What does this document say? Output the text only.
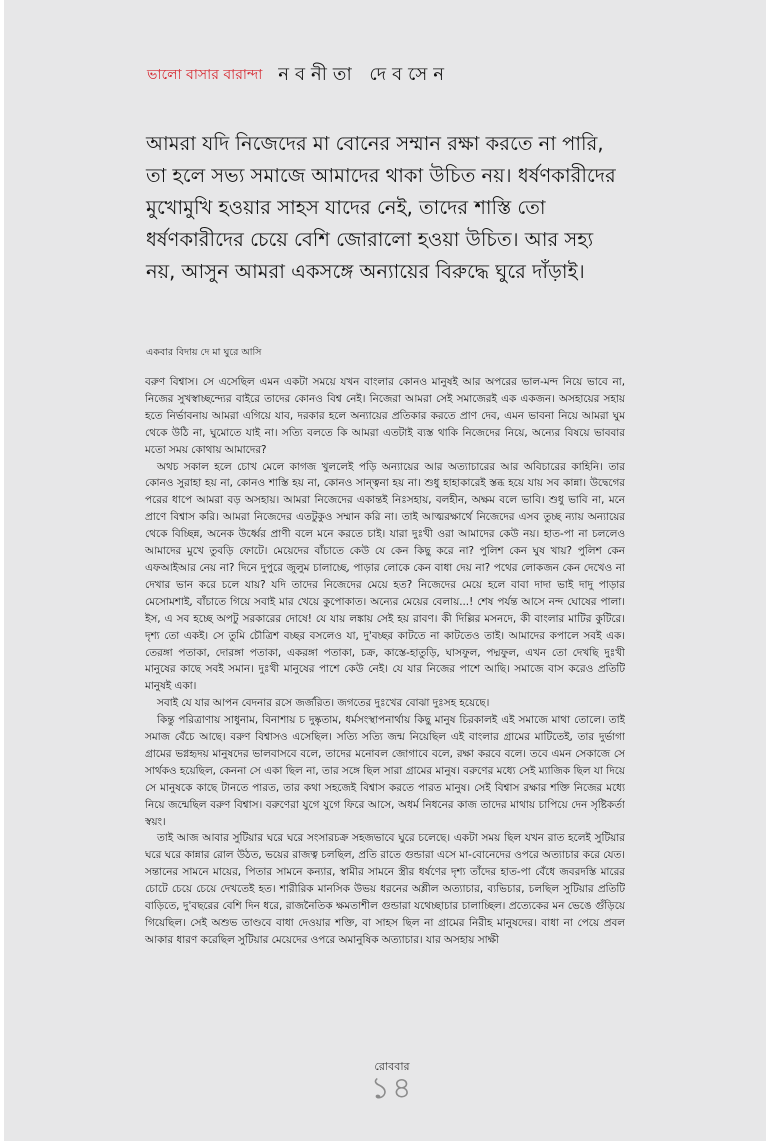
ভালো বাসার বারান্দা নবনীতা দেবসেন

আমরা যদি নিজেদের মা বোনের সম্মান রক্ষা করতে না পারি, তা হলে সভ্য সমাজে আমাদের থাকা উচিত নয়। ধর্ষণকারীদের মুখোমুখি হওয়ার সাহস যাদের নেই, তাদের শাস্তি তো ধর্ষণকারীদের চেয়ে বেশি জোরালো হওয়া উচিত। আর সহ্য নয়, আসুন আমরা একসঙ্গে অন্যায়ের বিরুদ্ধে ঘুরে দাঁড়াই।

একবার বিদায় দে মা ঘুরে আসি

বরুণ বিশ্বাস। সে এসেছিল এমন একটা সময়ে যখন বাংলার কোনও মানুষই আর অপরের ভাল-মন্দ নিয়ে ভাবে না, নিজের সুখস্বাচ্ছন্দ্যের বাইরে তাদের কোনও বিশ্ব নেই। নিজেরা আমরা সেই সমাজেরই এক একজন। অসহায়ের সহায় হতে নির্ভাবনায় আমরা এগিয়ে যাব, দরকার হলে অন্যায়ের প্রতিকার করতে প্রাণ দেব, এমন ভাবনা নিয়ে আমরা ঘুম থেকে উঠি না, ঘুমোতে যাই না। সত্যি বলতে কি আমরা এতটাই ব্যস্ত থাকি নিজেদের নিয়ে, অন্যের বিষয়ে ভাববার মতো সময় কোথায় আমাদের?

অথচ সকাল হলে চোখ মেলে কাগজ খুললেই পড়ি অন্যায়ের আর অত্যাচারের আর অবিচারের কাহিনি। তার কোনও সুরাহা হয় না, কোনও শাস্তি হয় না, কোনও সান্ত্বনা হয় না। শুধু হাহাকারেই স্তব্ধ হয়ে যায় সব কান্না। উদ্বেগের পরের ধাপে আমরা বড় অসহায়। আমরা নিজেদের একান্তই নিঃসহায়, বলহীন, অক্ষম বলে ভাবি। শুধু ভাবি না, মনে প্রাণে বিশ্বাস করি। আমরা নিজেদের এতটুকুও সম্মান করি না। তাই আত্মরক্ষার্থে নিজেদের এসব তুচ্ছ ন্যায় অন্যায়ের থেকে বিচ্ছিন্ন, অনেক উর্ধ্বের প্রাণী বলে মনে করতে চাই। যারা দুঃখী ওরা আমাদের কেউ নয়। হাত-পা না চললেও আমাদের মুখে তুবড়ি ফোটে। মেয়েদের বাঁচাতে কেউ যে কেন কিছু করে না? পুলিশ কেন ঘুষ খায়? পুলিশ কেন এফআইআর নেয় না? দিনে দুপুরে জুলুম চালাচ্ছে, পাড়ার লোকে কেন বাধা দেয় না? পথের লোকজন কেন দেখেও না দেখার ভান করে চলে যায়? যদি তাদের নিজেদের মেয়ে হত? নিজেদের মেয়ে হলে বাবা দাদা ভাই দাদু পাড়ার মেসোমশাই, বাঁচাতে গিয়ে সবাই মার খেয়ে কুপোকাত। অন্যের মেয়ের বেলায়...! শেষ পর্যন্ত আসে নন্দ ঘোষের পালা। ইস, এ সব হচ্ছে অপটু সরকারের দোষে! যে যায় লঙ্কায় সেই হয় রাবণ। কী দিল্লির মসনদে, কী বাংলার মাটির কুটিরে। দৃশ্য তো একই। সে তুমি চৌত্রিশ বচ্ছর বসলেও যা, দু'বচ্ছর কাটতে না কাটতেও তাই। আমাদের কপালে সবই এক। তেরঙ্গা পতাকা, দোরঙ্গা পতাকা, একরঙ্গা পতাকা, চক্র, কাস্তে-হাতুড়ি, ঘাসফুল, পদ্মফুল, এখন তো দেখছি দুঃখী মানুষের কাছে সবই সমান। দুঃখী মানুষের পাশে কেউ নেই। যে যার নিজের পাশে আছি। সমাজে বাস করেও প্রতিটি মানুষই একা।

সবাই যে যার আপন বেদনার রসে জর্জরিত। জগতের দুঃখের বোঝা দুঃসহ হয়েছে।

কিন্তু পরিত্রাণায় সাধুনাম, বিনাশায় চ দুষ্কৃতাম, ধর্মসংস্থাপনার্থায় কিছু মানুষ চিরকালই এই সমাজে মাথা তোলে। তাই সমাজ বেঁচে আছে। বরুণ বিশ্বাসও এসেছিল। সত্যি সত্যি জন্ম নিয়েছিল এই বাংলার গ্রামের মাটিতেই, তার দুর্ভাগা গ্রামের ভগ্নহৃদয় মানুষদের ভালবাসবে বলে, তাদের মনোবল জোগাবে বলে, রক্ষা করবে বলে। তবে এমন সেকাজে সে সার্থকও হয়েছিল, কেননা সে একা ছিল না, তার সঙ্গে ছিল সারা গ্রামের মানুষ। বরুণের মধ্যে সেই ম্যাজিক ছিল যা দিয়ে সে মানুষকে কাছে টানতে পারত, তার কথা সহজেই বিশ্বাস করতে পারত মানুষ। সেই বিশ্বাস রক্ষার শক্তি নিজের মধ্যে নিয়ে জন্মেছিল বরুণ বিশ্বাস। বরুণেরা যুগে যুগে ফিরে আসে, অধর্ম নিধনের কাজ তাদের মাথায় চাপিয়ে দেন সৃষ্টিকর্তা স্বয়ং।

তাই আজ আবার সুটিয়ার ঘরে ঘরে সংসারচক্র সহজভাবে ঘুরে চলেছে। একটা সময় ছিল যখন রাত হলেই সুটিয়ার ঘরে ঘরে কান্নার রোল উঠত, ভয়ের রাজত্ব চলছিল, প্রতি রাতে গুন্ডারা এসে মা-বোনেদের ওপরে অত্যাচার করে যেত। সন্তানের সামনে মায়ের, পিতার সামনে কন্যার, স্বামীর সামনে স্ত্রীর ধর্ষণের দৃশ্য তাঁদের হাত-পা বেঁধে জবরদস্তি মারের চোটে চেয়ে চেয়ে দেখতেই হত। শারীরিক মানসিক উভয় ধরনের অশ্লীল অত্যাচার, ব্যভিচার, চলছিল সুটিয়ার প্রতিটি বাড়িতে, দু'বছরের বেশি দিন ধরে, রাজনৈতিক ক্ষমতাশীল গুন্ডারা যথেচ্ছাচার চালাচ্ছিল। প্রত্যেকের মন ভেঙে গুঁড়িয়ে গিয়েছিল। সেই অশুভ তাণ্ডবে বাধা দেওয়ার শক্তি, বা সাহস ছিল না গ্রামের নিরীহ মানুষদের। বাধা না পেয়ে প্রবল আকার ধারণ করেছিল সুটিয়ার মেয়েদের ওপরে অমানুষিক অত্যাচার। যার অসহায় সাক্ষী

রোববার
১৪
